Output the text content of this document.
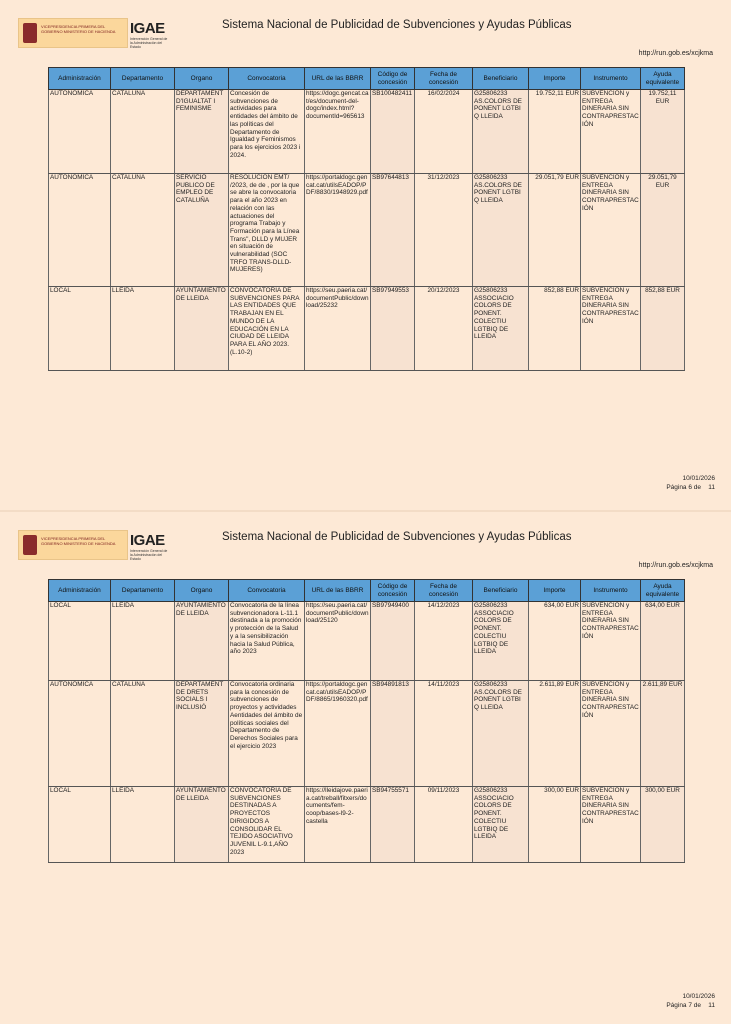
VICEPRESIDENCIA PRIMERA DEL GOBIERNO MINISTERIO DE HACIENDA IGAE
Intervención General de la Administración del Estado
Sistema Nacional de Publicidad de Subvenciones y Ayudas Públicas
http://run.gob.es/xcjkma
Administración	Departamento	Organo	Convocatoria	URL de las BBRR	Código de concesión	Fecha de concesión	Beneficiario	Importe	Instrumento	Ayuda equivalente
AUTONOMICA	CATALUÑA	DEPARTAMENT D'IGUALTAT I FEMINISME	Concesión de subvenciones de actividades para entidades del ámbito de las políticas del Departamento de Igualdad y Feminismos para los ejercicios 2023 i 2024.	https://dogc.gencat.cat/es/document-del-dogc/index.html?documentId=965613	SB100482411	16/02/2024	G25806233 AS.COLORS DE PONENT LGTBI Q LLEIDA	19.752,11 EUR	SUBVENCIÓN y ENTREGA DINERARIA SIN CONTRAPRESTACIÓN	19.752,11 EUR
AUTONOMICA	CATALUÑA	SERVICIO PUBLICO DE EMPLEO DE CATALUÑA	RESOLUCIÓN EMT/ /2023, de de , por la que se abre la convocatoria para el año 2023 en relación con las actuaciones del programa Trabajo y Formación para la Línea Trans", DLLD y MUJER en situación de vulnerabilidad (SOC TRFO TRANS-DLLD-MUJERES)	https://portaldogc.gencat.cat/utilsEADOP/PDF/8830/1948929.pdf	SB97644813	31/12/2023	G25806233 AS.COLORS DE PONENT LGTBI Q LLEIDA	29.051,79 EUR	SUBVENCIÓN y ENTREGA DINERARIA SIN CONTRAPRESTACIÓN	29.051,79 EUR
LOCAL	LLEIDA	AYUNTAMIENTO DE LLEIDA	CONVOCATORIA DE SUBVENCIONES PARA LAS ENTIDADES QUE TRABAJAN EN EL MUNDO DE LA EDUCACIÓN EN LA CIUDAD DE LLEIDA PARA EL AÑO 2023. (L.10-2)	https://seu.paeria.cat/documentPublic/download/25232	SB97949553	20/12/2023	G25806233 ASSOCIACIO COLORS DE PONENT. COLECTIU LGTBIQ DE LLEIDA	852,88 EUR	SUBVENCIÓN y ENTREGA DINERARIA SIN CONTRAPRESTACIÓN	852,88 EUR
10/01/2026
Página 6 de 11
VICEPRESIDENCIA PRIMERA DEL GOBIERNO MINISTERIO DE HACIENDA IGAE
Intervención General de la Administración del Estado
Sistema Nacional de Publicidad de Subvenciones y Ayudas Públicas
http://run.gob.es/xcjkma
Administración	Departamento	Organo	Convocatoria	URL de las BBRR	Código de concesión	Fecha de concesión	Beneficiario	Importe	Instrumento	Ayuda equivalente
LOCAL	LLEIDA	AYUNTAMIENTO DE LLEIDA	Convocatoria de la línea subvencionadora L-11.1 destinada a la promoción y protección de la Salud y a la sensibilización hacia la Salud Pública, año 2023	https://seu.paeria.cat/documentPublic/download/25120	SB97949400	14/12/2023	G25806233 ASSOCIACIO COLORS DE PONENT. COLECTIU LGTBIQ DE LLEIDA	634,00 EUR	SUBVENCIÓN y ENTREGA DINERARIA SIN CONTRAPRESTACIÓN	634,00 EUR
AUTONOMICA	CATALUÑA	DEPARTAMENT DE DRETS SOCIALS I INCLUSIÓ	Convocatoria ordinaria para la concesión de subvenciones de proyectos y actividades Aentidades del ámbito de políticas sociales del Departamento de Derechos Sociales para el ejercicio 2023	https://portaldogc.gencat.cat/utilsEADOP/PDF/8865/1960320.pdf	SB94891813	14/11/2023	G25806233 AS.COLORS DE PONENT LGTBI Q LLEIDA	2.611,89 EUR	SUBVENCIÓN y ENTREGA DINERARIA SIN CONTRAPRESTACIÓN	2.611,89 EUR
LOCAL	LLEIDA	AYUNTAMIENTO DE LLEIDA	CONVOCATORIA DE SUBVENCIONES DESTINADAS A PROYECTOS DIRIGIDOS A CONSOLIDAR EL TEJIDO ASOCIATIVO JUVENIL L-9.1,AÑO 2023	https://lleidajove.paeria.cat/treball/fitxers/documents/fem-coop/bases-l9-2-castella	SB94755571	09/11/2023	G25806233 ASSOCIACIO COLORS DE PONENT. COLECTIU LGTBIQ DE LLEIDA	300,00 EUR	SUBVENCIÓN y ENTREGA DINERARIA SIN CONTRAPRESTACIÓN	300,00 EUR
10/01/2026
Página 7 de 11
